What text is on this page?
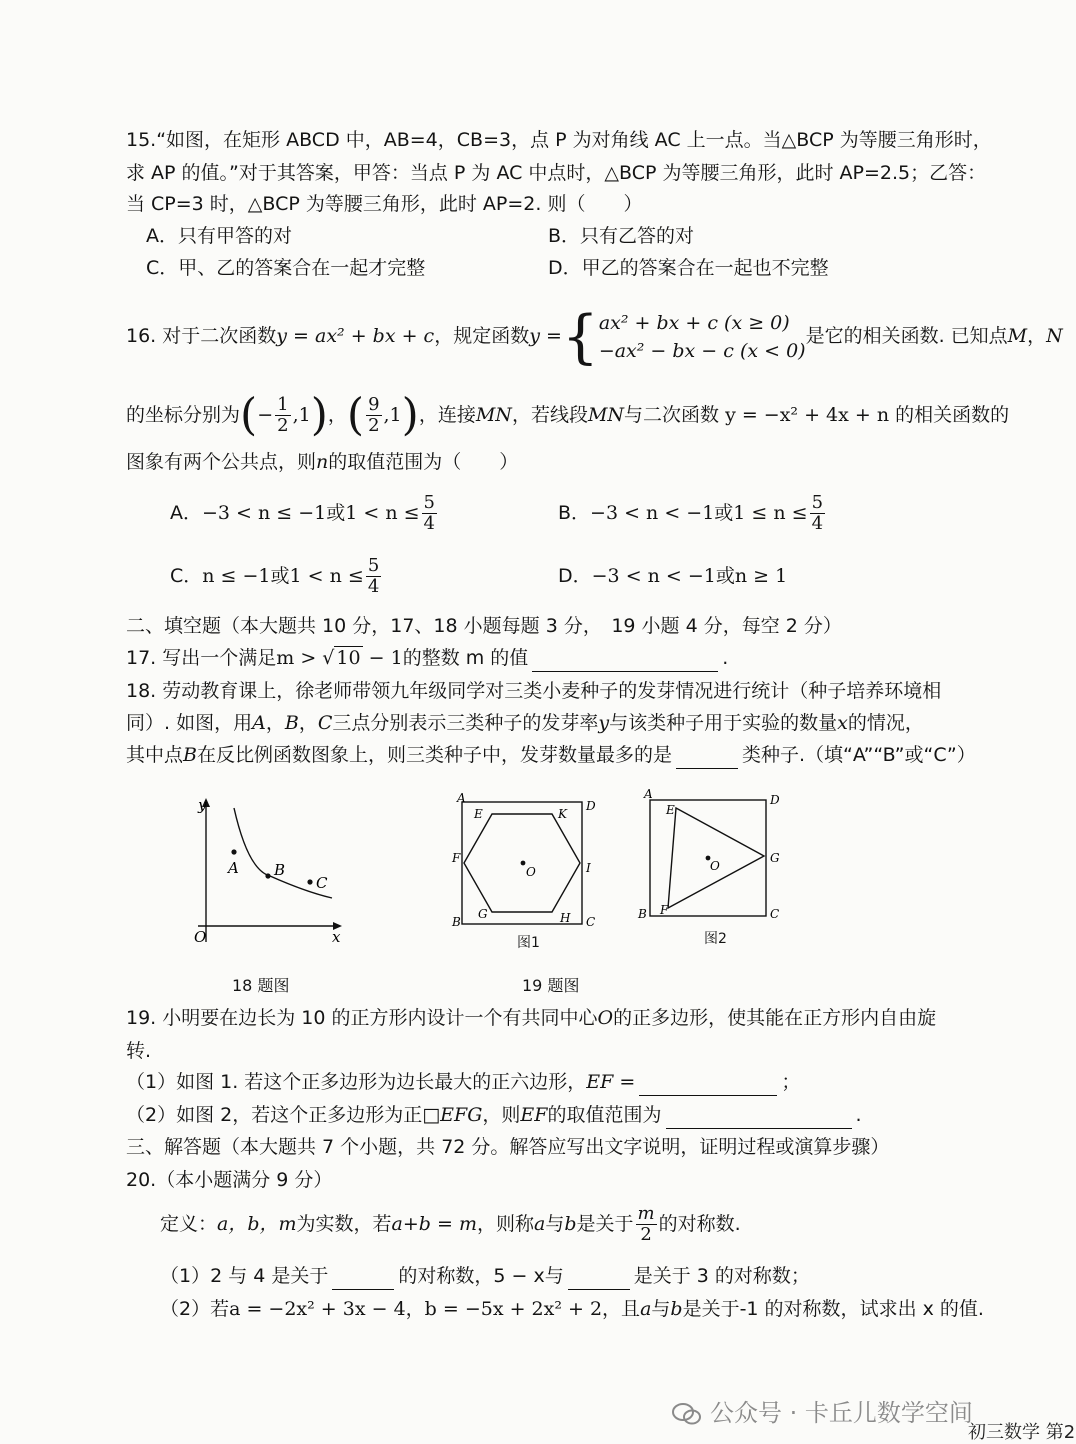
15.“如图，在矩形 ABCD 中，AB=4，CB=3，点 P 为对角线 AC 上一点。当△BCP 为等腰三角形时，
求 AP 的值。”对于其答案，甲答：当点 P 为 AC 中点时，△BCP 为等腰三角形，此时 AP=2.5；乙答：
当 CP=3 时，△BCP 为等腰三角形，此时 AP=2. 则（　　）
A．只有甲答的对	B．只有乙答的对
C．甲、乙的答案合在一起才完整	D．甲乙的答案合在一起也不完整
16. 对于二次函数y = ax² + bx + c，规定函数y ={ ax² + bx + c (x ≥ 0)
−ax² − bx − c (x < 0)
是它的相关函数. 已知点M，N
的坐标分别为(− $\frac{1}{2} ,1$)，( $\frac{9}{2} ,1$)，连接MN，若线段MN与二次函数 y = −x² + 4x + n 的相关函数的
图象有两个公共点，则n的取值范围为（　　）
A．−3 < n ≤ −1或$1 < n \le \frac{5}{4}$	B．−3 < n < −1或$1 \le n \le \frac{5}{4}$
C．n ≤ −1或$1 < n \le \frac{5}{4}$	D．−3 < n < −1或n ≥ 1
二、填空题（本大题共 10 分，17、18 小题每题 3 分，　19 小题 4 分，每空 2 分）
17. 写出一个满足m > √ 10 − 1的整数 m 的值	.
18. 劳动教育课上，徐老师带领九年级同学对三类小麦种子的发芽情况进行统计（种子培养环境相
同）. 如图，用A，B，C三点分别表示三类种子的发芽率y与该类种子用于实验的数量x的情况，
其中点B在反比例函数图象上，则三类种子中，发芽数量最多的是	类种子.（填“A”“B”或“C”）
y
x
O
A B
C
A
D
E	K
F
I
O
B
G	H C
图1
A	D
E
G
O
B F	C
图2
18 题图	19 题图
19. 小明要在边长为 10 的正方形内设计一个有共同中心O的正多边形，使其能在正方形内自由旋
转.
（1）如图 1. 若这个正多边形为边长最大的正六边形，EF =	；
（2）如图 2，若这个正多边形为正□EFG，则EF的取值范围为	.
三、解答题（本大题共 7 个小题，共 72 分。解答应写出文字说明，证明过程或演算步骤）
20.（本小题满分 9 分）
定义：a，b，m为实数，若a+b = m，则称a与b是关于 $\frac{m}{2}$ 的对称数.
（1）2 与 4 是关于	的对称数，5 − x与	是关于 3 的对称数；
（2）若a = −2x² + 3x − 4，b = −5x + 2x² + 2，且a与b是关于-1 的对称数，试求出 x 的值.
公众号 · 卡丘儿数学空间
初三数学 第2
